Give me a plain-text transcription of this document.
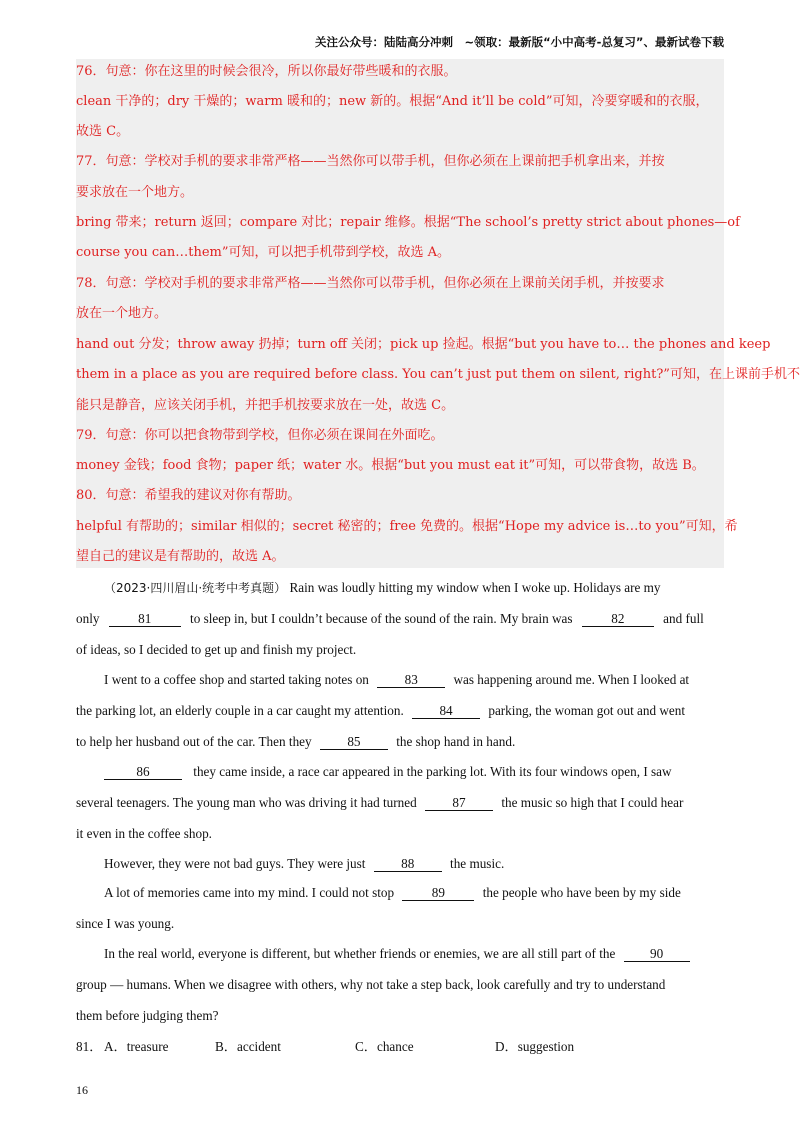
关注公众号：陆陆高分冲刺　~领取：最新版“小中高考-总复习”、最新试卷下载
76．句意：你在这里的时候会很冷，所以你最好带些暖和的衣服。
clean 干净的；dry 干燥的；warm 暖和的；new 新的。根据“And it’ll be cold”可知，冷要穿暖和的衣服，
故选 C。
77．句意：学校对手机的要求非常严格——当然你可以带手机，但你必须在上课前把手机拿出来，并按
要求放在一个地方。
bring 带来；return 返回；compare 对比；repair 维修。根据“The school’s pretty strict about phones—of
course you can…them”可知，可以把手机带到学校，故选 A。
78．句意：学校对手机的要求非常严格——当然你可以带手机，但你必须在上课前关闭手机，并按要求
放在一个地方。
hand out 分发；throw away 扔掉；turn off 关闭；pick up 捡起。根据“but you have to… the phones and keep
them in a place as you are required before class. You can’t just put them on silent, right?”可知，在上课前手机不
能只是静音，应该关闭手机，并把手机按要求放在一处，故选 C。
79．句意：你可以把食物带到学校，但你必须在课间在外面吃。
money 金钱；food 食物；paper 纸；water 水。根据“but you must eat it”可知，可以带食物，故选 B。
80．句意：希望我的建议对你有帮助。
helpful 有帮助的；similar 相似的；secret 秘密的；free 免费的。根据“Hope my advice is…to you”可知，希
望自己的建议是有帮助的，故选 A。
（2023·四川眉山·统考中考真题） Rain was loudly hitting my window when I woke up. Holidays are my
only	81	to sleep in, but I couldn’t because of the sound of the rain. My brain was	82	and full
of ideas, so I decided to get up and finish my project.
I went to a coffee shop and started taking notes on	83	was happening around me. When I looked at
the parking lot, an elderly couple in a car caught my attention.	84	parking, the woman got out and went
to help her husband out of the car. Then they	85	the shop hand in hand.
86	they came inside, a race car appeared in the parking lot. With its four windows open, I saw
several teenagers. The young man who was driving it had turned	87	the music so high that I could hear
it even in the coffee shop.
However, they were not bad guys. They were just	88	the music.
A lot of memories came into my mind. I could not stop	89	the people who have been by my side
since I was young.
In the real world, everyone is different, but whether friends or enemies, we are all still part of the	90
group — humans. When we disagree with others, why not take a step back, look carefully and try to understand
them before judging them?
81． A．treasure	B．accident	C．chance	D．suggestion
16
